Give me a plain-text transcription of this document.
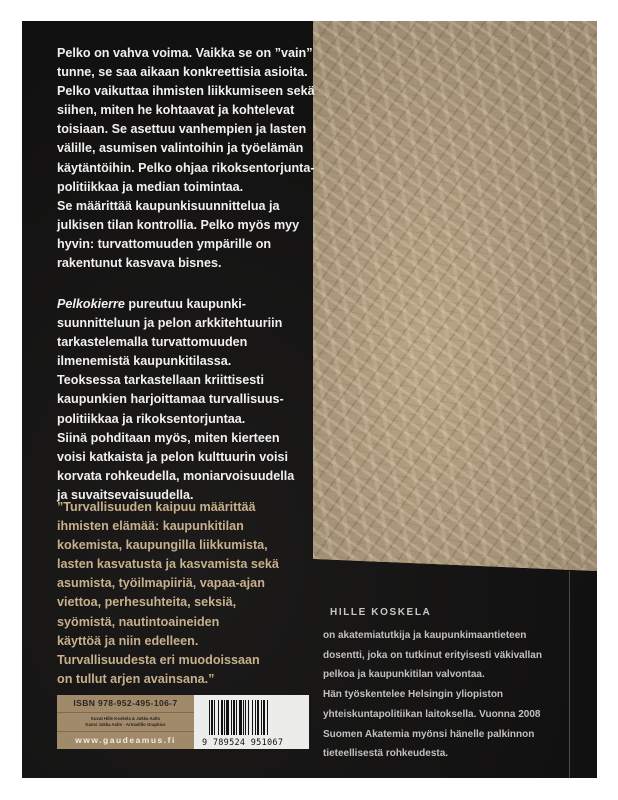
Pelko on vahva voima. Vaikka se on ”vain”
tunne, se saa aikaan konkreettisia asioita.
Pelko vaikuttaa ihmisten liikkumiseen sekä
siihen, miten he kohtaavat ja kohtelevat
toisiaan. Se asettuu vanhempien ja lasten
välille, asumisen valintoihin ja työelämän
käytäntöihin. Pelko ohjaa rikoksentorjunta-
politiikkaa ja median toimintaa.
Se määrittää kaupunkisuunnittelua ja
julkisen tilan kontrollia. Pelko myös myy
hyvin: turvattomuuden ympärille on
rakentunut kasvava bisnes.

Pelkokierre pureutuu kaupunki-
suunnitteluun ja pelon arkkitehtuuriin
tarkastelemalla turvattomuuden
ilmenemistä kaupunkitilassa.
Teoksessa tarkastellaan kriittisesti
kaupunkien harjoittamaa turvallisuus-
politiikkaa ja rikoksentorjuntaa.
Siinä pohditaan myös, miten kierteen
voisi katkaista ja pelon kulttuurin voisi
korvata rohkeudella, moniarvoisuudella
ja suvaitsevaisuudella.

”Turvallisuuden kaipuu määrittää
ihmisten elämää: kaupunkitilan
kokemista, kaupungilla liikkumista,
lasten kasvatusta ja kasvamista sekä
asumista, työilmapiiriä, vapaa-ajan
viettoa, perhesuhteita, seksiä,
syömistä, nautintoaineiden
käyttöä ja niin edelleen.
Turvallisuudesta eri muodoissaan
on tullut arjen avainsana.”

ISBN 978-952-495-106-7
Kuvat Hille Koskela & Jukka Aalto
Kansi Jukka Aalto · Armadillo Graphics
www.gaudeamus.fi	9 789524 951067
HILLE KOSKELA
on akatemiatutkija ja kaupunkimaantieteen
dosentti, joka on tutkinut erityisesti väkivallan
pelkoa ja kaupunkitilan valvontaa.
Hän työskentelee Helsingin yliopiston
yhteiskuntapolitiikan laitoksella. Vuonna 2008
Suomen Akatemia myönsi hänelle palkinnon
tieteellisestä rohkeudesta.
